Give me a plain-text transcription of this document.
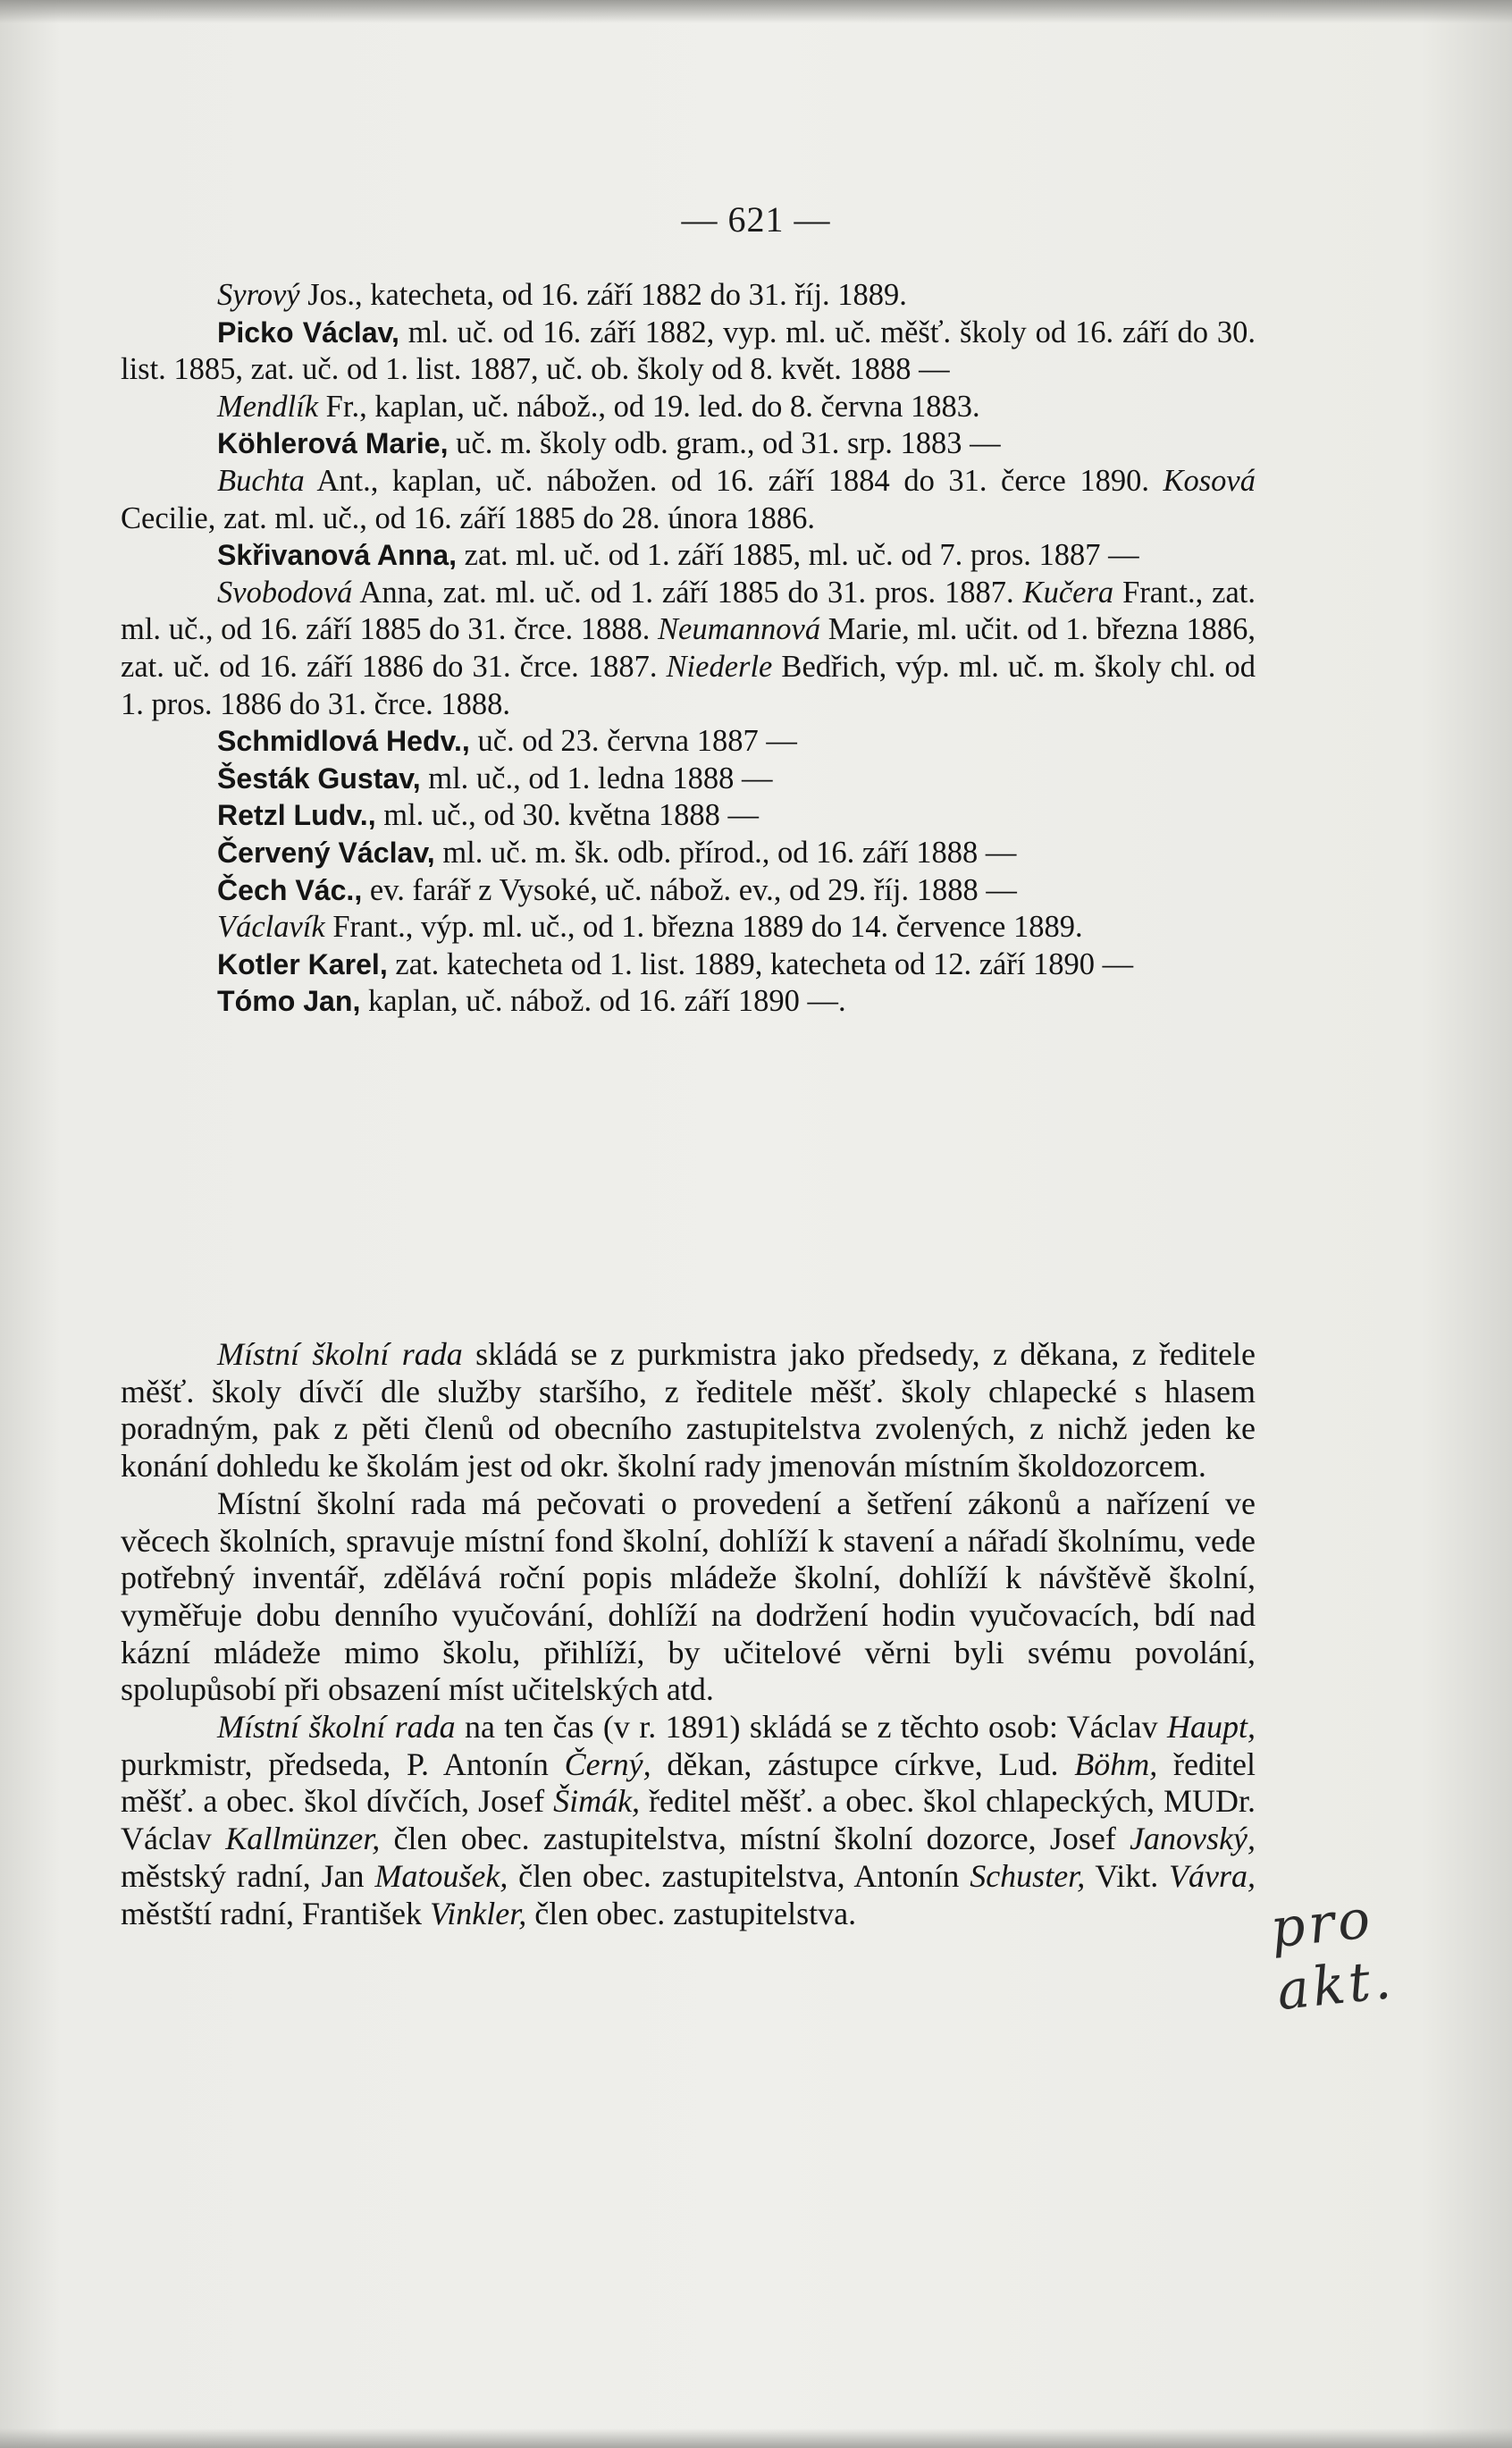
— 621 —

Syrový Jos., katecheta, od 16. září 1882 do 31. říj. 1889.

Picko Václav, ml. uč. od 16. září 1882, vyp. ml. uč. měšť. školy od 16. září do 30. list. 1885, zat. uč. od 1. list. 1887, uč. ob. školy od 8. květ. 1888 —

Mendlík Fr., kaplan, uč. nábož., od 19. led. do 8. června 1883.

Köhlerová Marie, uč. m. školy odb. gram., od 31. srp. 1883 —

Buchta Ant., kaplan, uč. nábožen. od 16. září 1884 do 31. čerce 1890. Kosová Cecilie, zat. ml. uč., od 16. září 1885 do 28. února 1886.

Skřivanová Anna, zat. ml. uč. od 1. září 1885, ml. uč. od 7. pros. 1887 —

Svobodová Anna, zat. ml. uč. od 1. září 1885 do 31. pros. 1887. Kučera Frant., zat. ml. uč., od 16. září 1885 do 31. črce. 1888. Neumannová Marie, ml. učit. od 1. března 1886, zat. uč. od 16. září 1886 do 31. črce. 1887. Niederle Bedřich, výp. ml. uč. m. školy chl. od 1. pros. 1886 do 31. črce. 1888.

Schmidlová Hedv., uč. od 23. června 1887 —

Šesták Gustav, ml. uč., od 1. ledna 1888 —

Retzl Ludv., ml. uč., od 30. května 1888 —

Červený Václav, ml. uč. m. šk. odb. přírod., od 16. září 1888 —

Čech Vác., ev. farář z Vysoké, uč. nábož. ev., od 29. říj. 1888 —

Václavík Frant., výp. ml. uč., od 1. března 1889 do 14. července 1889.

Kotler Karel, zat. katecheta od 1. list. 1889, katecheta od 12. září 1890 —

Tómo Jan, kaplan, uč. nábož. od 16. září 1890 —.

Místní školní rada skládá se z purkmistra jako předsedy, z děkana, z ředitele měšť. školy dívčí dle služby staršího, z ředitele měšť. školy chlapecké s hlasem poradným, pak z pěti členů od obecního zastupitelstva zvolených, z nichž jeden ke konání dohledu ke školám jest od okr. školní rady jmenován místním školdozorcem.

Místní školní rada má pečovati o provedení a šetření zákonů a nařízení ve věcech školních, spravuje místní fond školní, dohlíží k stavení a nářadí školnímu, vede potřebný inventář, zdělává roční popis mládeže školní, dohlíží k návštěvě školní, vyměřuje dobu denního vyučování, dohlíží na dodržení hodin vyučovacích, bdí nad kázní mládeže mimo školu, přihlíží, by učitelové věrni byli svému povolání, spolupůsobí při obsazení míst učitelských atd.

Místní školní rada na ten čas (v r. 1891) skládá se z těchto osob: Václav Haupt, purkmistr, předseda, P. Antonín Černý, děkan, zástupce církve, Lud. Böhm, ředitel měšť. a obec. škol dívčích, Josef Šimák, ředitel měšť. a obec. škol chlapeckých, MUDr. Václav Kallmünzer, člen obec. zastupitelstva, místní školní dozorce, Josef Janovský, městský radní, Jan Matoušek, člen obec. zastupitelstva, Antonín Schuster, Vikt. Vávra, městští radní, František Vinkler, člen obec. zastupitelstva.	pro akt.
